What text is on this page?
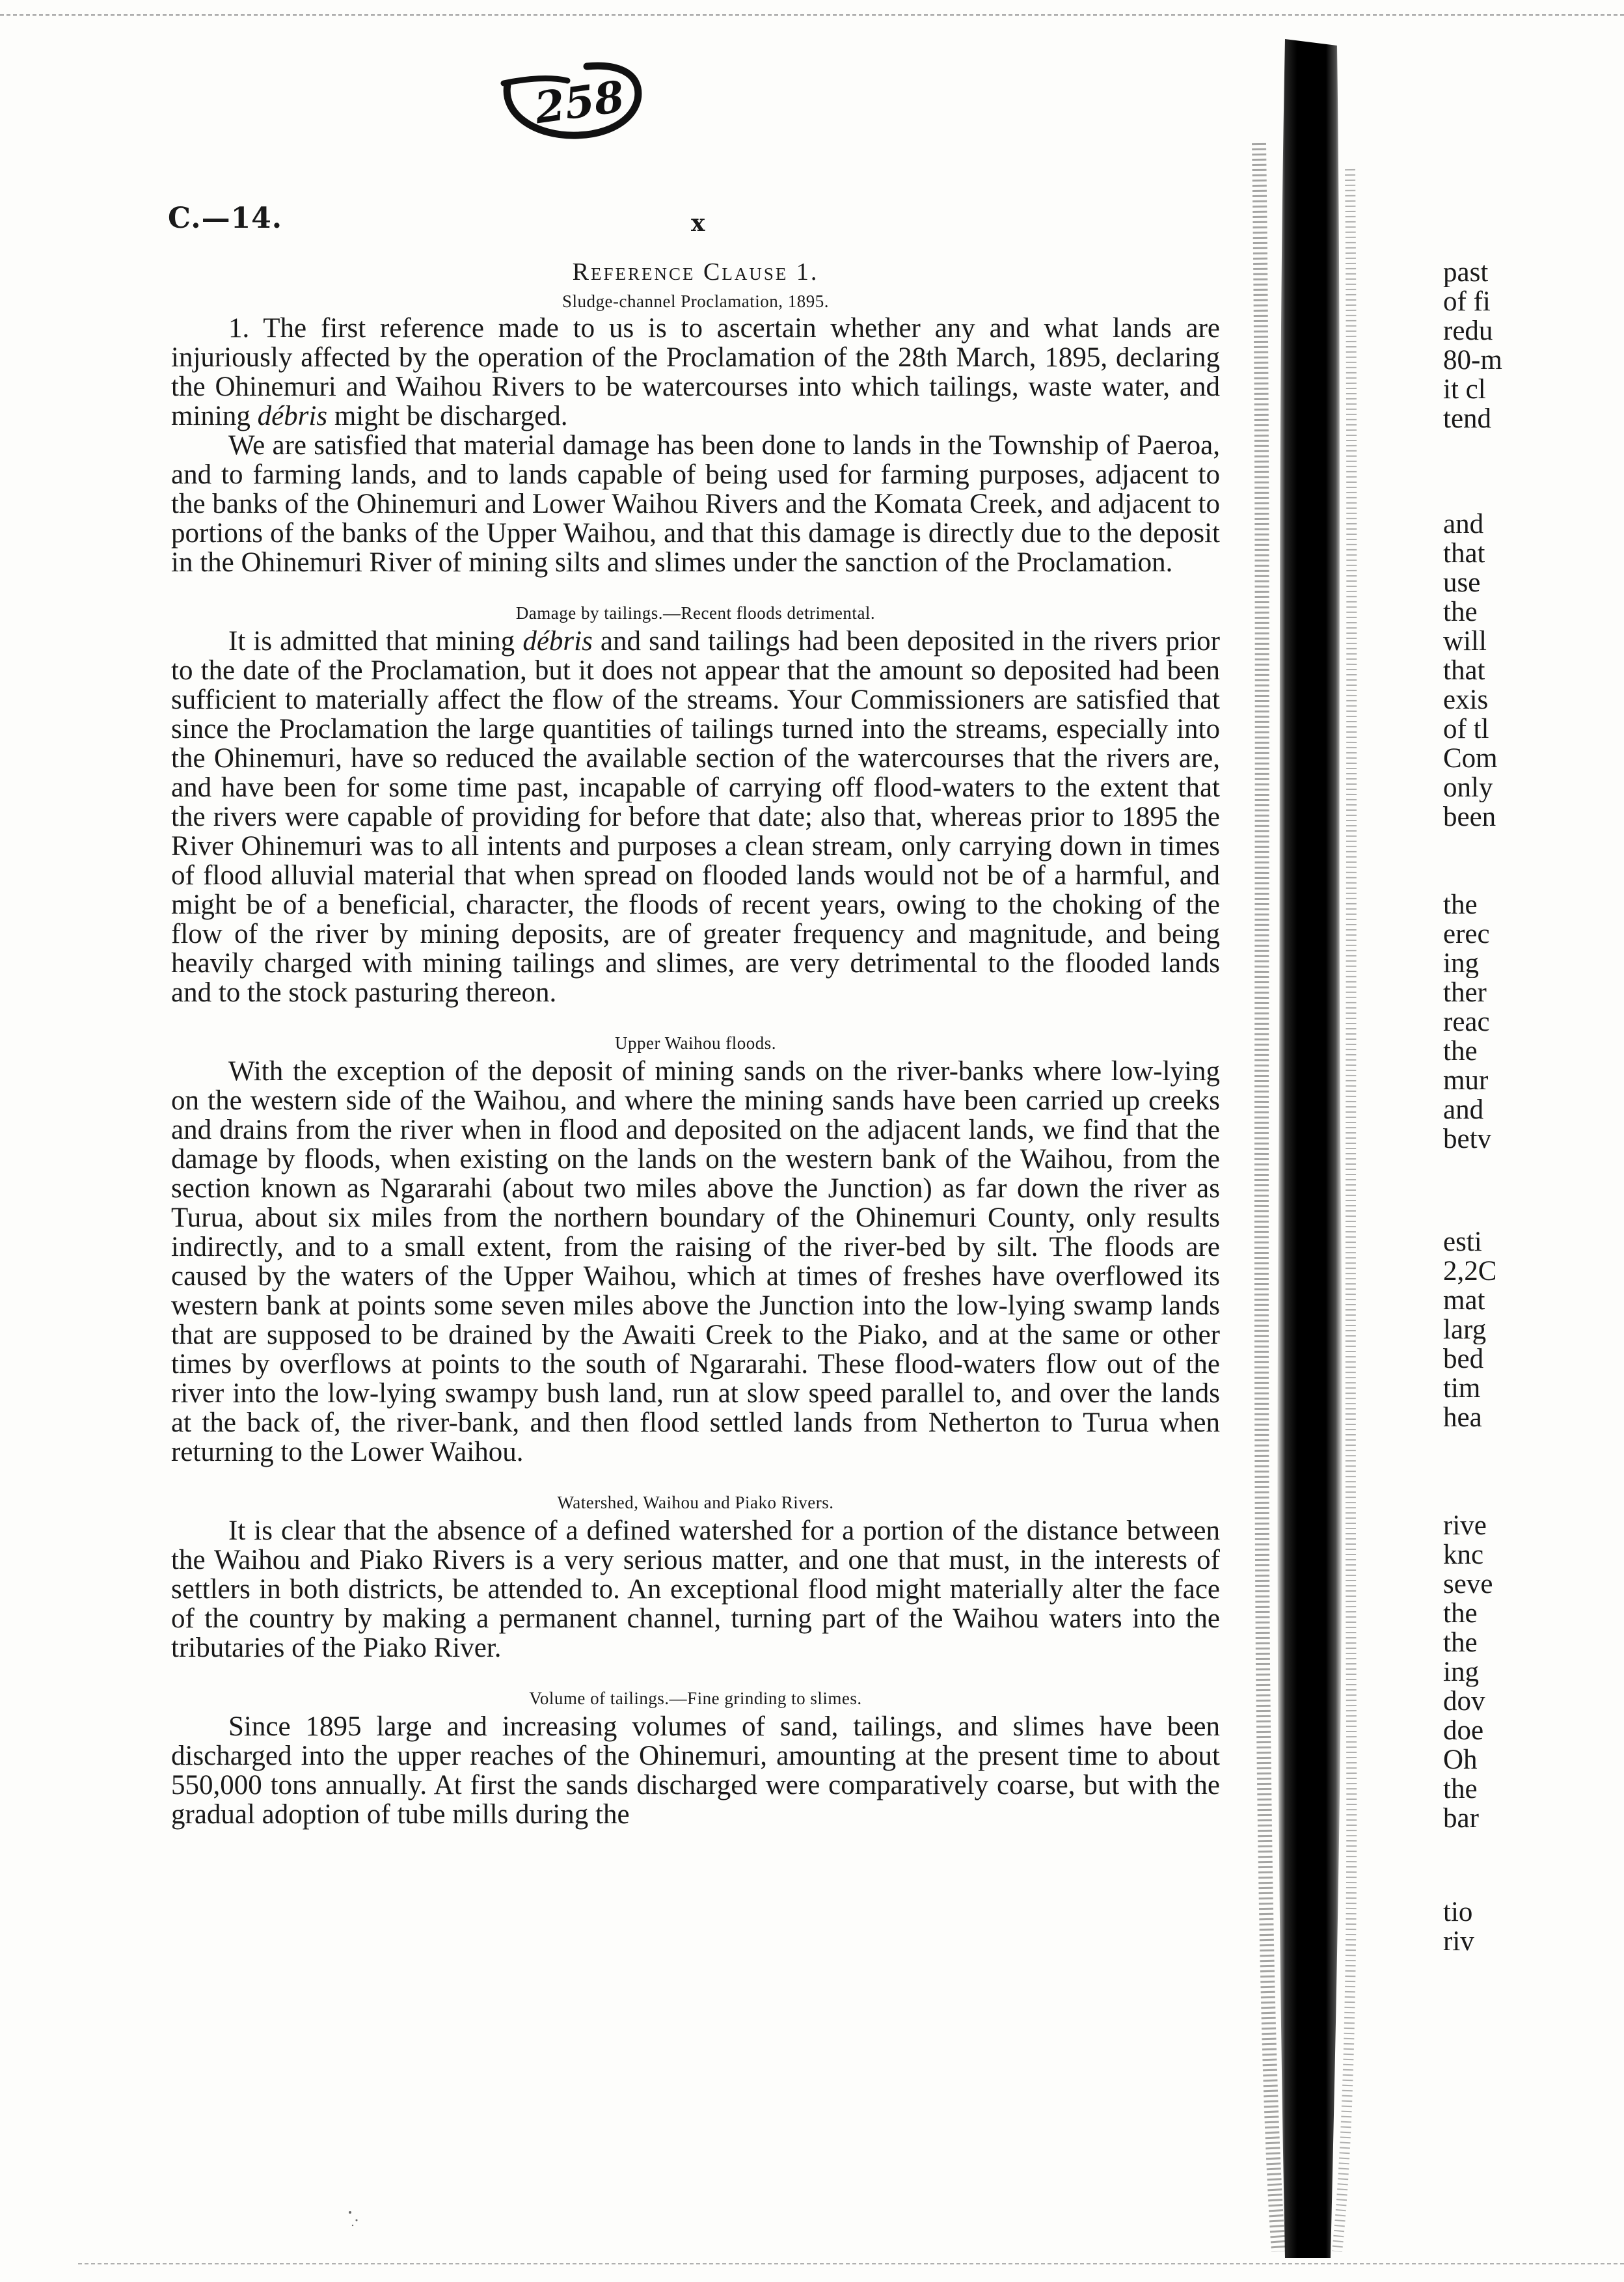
258
C.—14.	x
Reference Clause 1.
Sludge-channel Proclamation, 1895.

1. The first reference made to us is to ascertain whether any and what lands are injuriously affected by the operation of the Proclamation of the 28th March, 1895, declaring the Ohinemuri and Waihou Rivers to be watercourses into which tailings, waste water, and mining débris might be discharged.

We are satisfied that material damage has been done to lands in the Township of Paeroa, and to farming lands, and to lands capable of being used for farming purposes, adjacent to the banks of the Ohinemuri and Lower Waihou Rivers and the Komata Creek, and adjacent to portions of the banks of the Upper Waihou, and that this damage is directly due to the deposit in the Ohinemuri River of mining silts and slimes under the sanction of the Proclamation.

Damage by tailings.—Recent floods detrimental.

It is admitted that mining débris and sand tailings had been deposited in the rivers prior to the date of the Proclamation, but it does not appear that the amount so deposited had been sufficient to materially affect the flow of the streams. Your Commissioners are satisfied that since the Proclamation the large quantities of tailings turned into the streams, especially into the Ohinemuri, have so reduced the available section of the watercourses that the rivers are, and have been for some time past, incapable of carrying off flood-waters to the extent that the rivers were capable of providing for before that date; also that, whereas prior to 1895 the River Ohinemuri was to all intents and purposes a clean stream, only carrying down in times of flood alluvial material that when spread on flooded lands would not be of a harmful, and might be of a beneficial, character, the floods of recent years, owing to the choking of the flow of the river by mining deposits, are of greater frequency and magnitude, and being heavily charged with mining tailings and slimes, are very detrimental to the flooded lands and to the stock pasturing thereon.

Upper Waihou floods.

With the exception of the deposit of mining sands on the river-banks where low-lying on the western side of the Waihou, and where the mining sands have been carried up creeks and drains from the river when in flood and deposited on the adjacent lands, we find that the damage by floods, when existing on the lands on the western bank of the Waihou, from the section known as Ngararahi (about two miles above the Junction) as far down the river as Turua, about six miles from the northern boundary of the Ohinemuri County, only results indirectly, and to a small extent, from the raising of the river-bed by silt. The floods are caused by the waters of the Upper Waihou, which at times of freshes have overflowed its western bank at points some seven miles above the Junction into the low-lying swamp lands that are supposed to be drained by the Awaiti Creek to the Piako, and at the same or other times by overflows at points to the south of Ngararahi. These flood-waters flow out of the river into the low-lying swampy bush land, run at slow speed parallel to, and over the lands at the back of, the river-bank, and then flood settled lands from Netherton to Turua when returning to the Lower Waihou.

Watershed, Waihou and Piako Rivers.

It is clear that the absence of a defined watershed for a portion of the distance between the Waihou and Piako Rivers is a very serious matter, and one that must, in the interests of settlers in both districts, be attended to. An exceptional flood might materially alter the face of the country by making a permanent channel, turning part of the Waihou waters into the tributaries of the Piako River.

Volume of tailings.—Fine grinding to slimes.

Since 1895 large and increasing volumes of sand, tailings, and slimes have been discharged into the upper reaches of the Ohinemuri, amounting at the present time to about 550,000 tons annually. At first the sands discharged were comparatively coarse, but with the gradual adoption of tube mills during the

past
of fi
redu
80-m
it cl
tend
and
that
use
the
will
that
exis
of tl
Com
only
been
the
erec
ing
ther
reac
the
mur
and
betv
esti
2,2C
mat
larg
bed
tim
hea
rive
knc
seve
the
the
ing
dov
doe
Oh
the
bar
tio
riv
